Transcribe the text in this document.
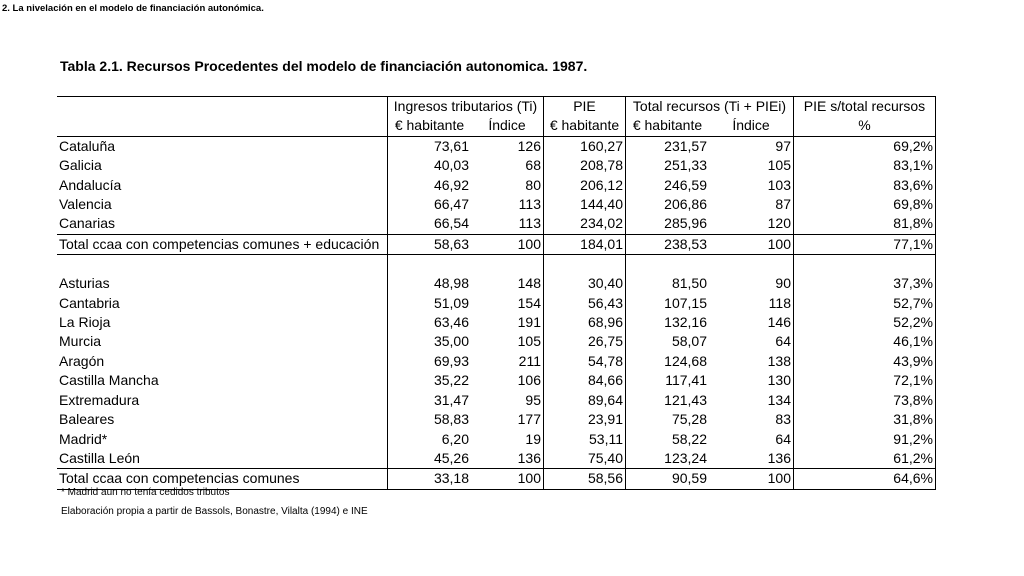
2. La nivelación en el modelo de financiación autonómica.
Tabla 2.1. Recursos Procedentes del modelo de financiación autonomica. 1987.
	Ingresos tributarios (Ti)		PIE	Total recursos (Ti + PIEi)		PIE s/total recursos
	€ habitante	Índice	€ habitante	€ habitante	Índice	%
Cataluña	73,61	126	160,27	231,57	97	69,2%
Galicia	40,03	68	208,78	251,33	105	83,1%
Andalucía	46,92	80	206,12	246,59	103	83,6%
Valencia	66,47	113	144,40	206,86	87	69,8%
Canarias	66,54	113	234,02	285,96	120	81,8%
Total ccaa con competencias comunes + educación	58,63	100	184,01	238,53	100	77,1%

Asturias	48,98	148	30,40	81,50	90	37,3%
Cantabria	51,09	154	56,43	107,15	118	52,7%
La Rioja	63,46	191	68,96	132,16	146	52,2%
Murcia	35,00	105	26,75	58,07	64	46,1%
Aragón	69,93	211	54,78	124,68	138	43,9%
Castilla Mancha	35,22	106	84,66	117,41	130	72,1%
Extremadura	31,47	95	89,64	121,43	134	73,8%
Baleares	58,83	177	23,91	75,28	83	31,8%
Madrid*	6,20	19	53,11	58,22	64	91,2%
Castilla León	45,26	136	75,40	123,24	136	61,2%
Total ccaa con competencias comunes	33,18	100	58,56	90,59	100	64,6%
* Madrid aun no tenía cedidos tributos
Elaboración propia a partir de Bassols, Bonastre, Vilalta (1994) e INE
